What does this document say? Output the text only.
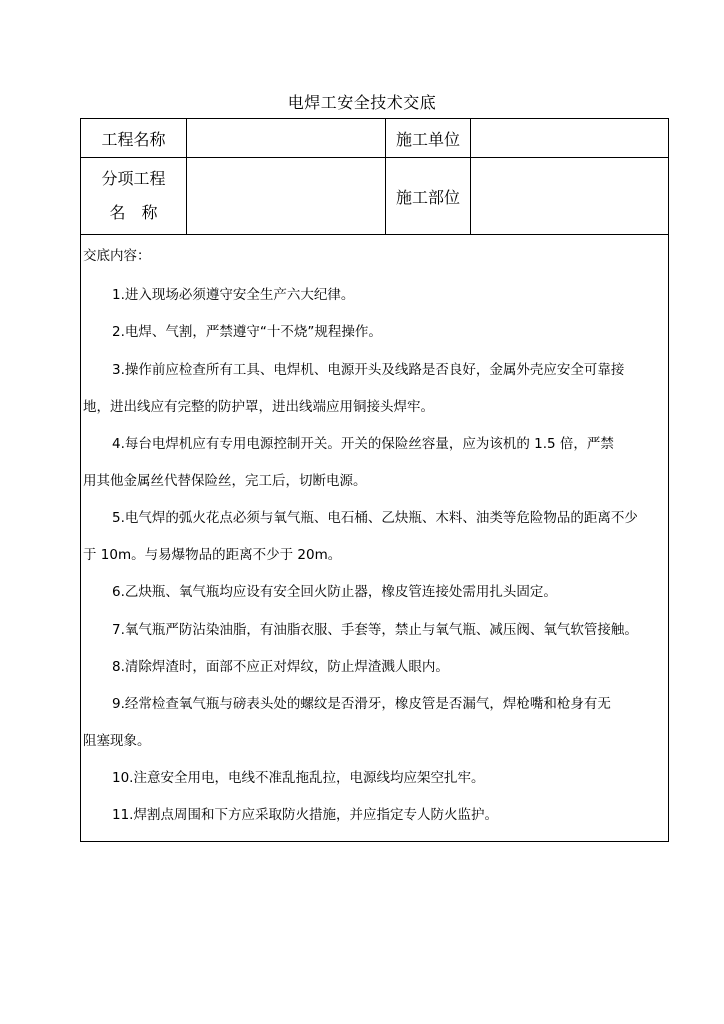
电焊工安全技术交底
工程名称	施工单位
分项工程
名　称
施工部位
交底内容：
1.进入现场必须遵守安全生产六大纪律。
2.电焊、气割，严禁遵守“十不烧”规程操作。
3.操作前应检查所有工具、电焊机、电源开头及线路是否良好，金属外壳应安全可靠接
地，进出线应有完整的防护罩，进出线端应用铜接头焊牢。
4.每台电焊机应有专用电源控制开关。开关的保险丝容量，应为该机的 1.5 倍，严禁
用其他金属丝代替保险丝，完工后，切断电源。
5.电气焊的弧火花点必须与氧气瓶、电石桶、乙炔瓶、木料、油类等危险物品的距离不少
于 10m。与易爆物品的距离不少于 20m。
6.乙炔瓶、氧气瓶均应设有安全回火防止器，橡皮管连接处需用扎头固定。
7.氧气瓶严防沾染油脂，有油脂衣服、手套等，禁止与氧气瓶、减压阀、氧气软管接触。
8.清除焊渣时，面部不应正对焊纹，防止焊渣溅人眼内。
9.经常检查氧气瓶与磅表头处的螺纹是否滑牙，橡皮管是否漏气，焊枪嘴和枪身有无
阻塞现象。
10.注意安全用电，电线不准乱拖乱拉，电源线均应架空扎牢。
11.焊割点周围和下方应采取防火措施，并应指定专人防火监护。
